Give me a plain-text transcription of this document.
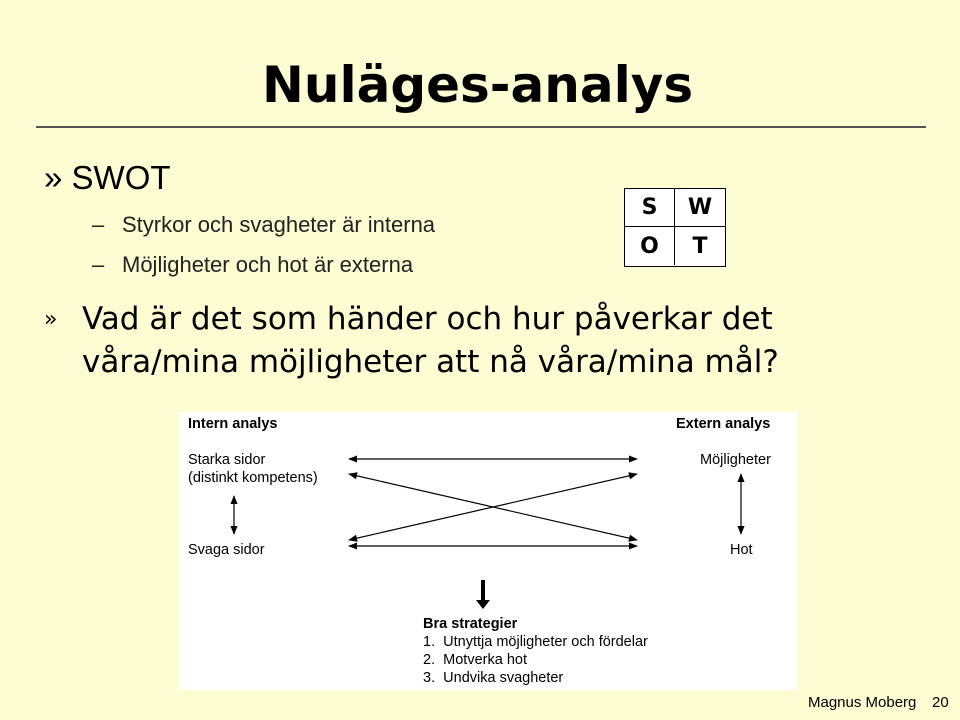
Nuläges-analys
» SWOT
– Styrkor och svagheter är interna
– Möjligheter och hot är externa
S	W
O	T
» Vad är det som händer och hur påverkar det
våra/mina möjligheter att nå våra/mina mål?
Intern analys	Extern analys
Starka sidor
(distinkt kompetens)
Svaga sidor
Möjligheter
Hot
Bra strategier
1. Utnyttja möjligheter och fördelar
2. Motverka hot
3. Undvika svagheter
Magnus Moberg 20
